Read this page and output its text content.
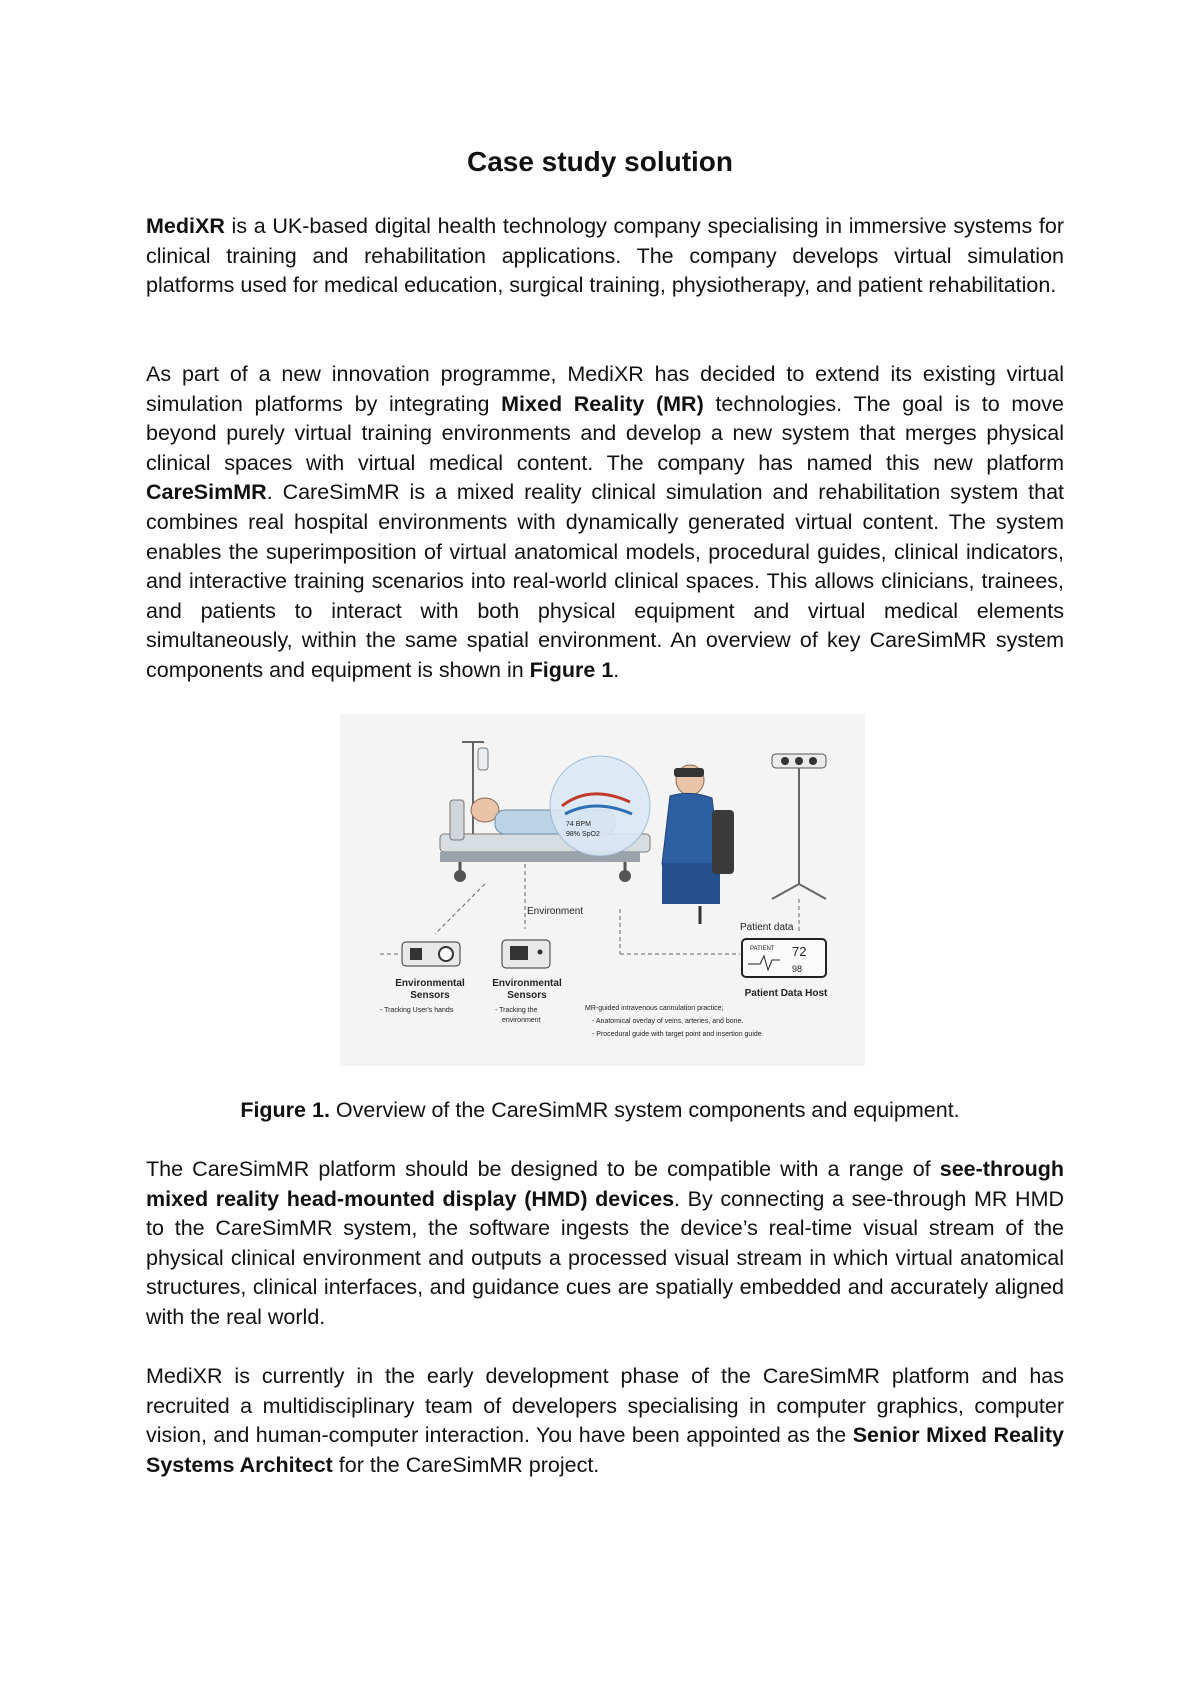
Case study solution

MediXR is a UK-based digital health technology company specialising in immersive systems for clinical training and rehabilitation applications. The company develops virtual simulation platforms used for medical education, surgical training, physiotherapy, and patient rehabilitation.

As part of a new innovation programme, MediXR has decided to extend its existing virtual simulation platforms by integrating Mixed Reality (MR) technologies. The goal is to move beyond purely virtual training environments and develop a new system that merges physical clinical spaces with virtual medical content. The company has named this new platform CareSimMR. CareSimMR is a mixed reality clinical simulation and rehabilitation system that combines real hospital environments with dynamically generated virtual content. The system enables the superimposition of virtual anatomical models, procedural guides, clinical indicators, and interactive training scenarios into real-world clinical spaces. This allows clinicians, trainees, and patients to interact with both physical equipment and virtual medical elements simultaneously, within the same spatial environment. An overview of key CareSimMR system components and equipment is shown in Figure 1.

74 BPM
98% SpO2
Environment
Patient data
Environmental
Sensors
- Tracking User's hands
Environmental
Sensors
- Tracking the
environment
PATIENT 72
98
Patient Data Host
MR-guided intravenous cannulation practice;
- Anatomical overlay of veins, arteries, and bone.
- Procedural guide with target point and insertion guide
Figure 1. Overview of the CareSimMR system components and equipment.

The CareSimMR platform should be designed to be compatible with a range of see-through mixed reality head-mounted display (HMD) devices. By connecting a see-through MR HMD to the CareSimMR system, the software ingests the device’s real-time visual stream of the physical clinical environment and outputs a processed visual stream in which virtual anatomical structures, clinical interfaces, and guidance cues are spatially embedded and accurately aligned with the real world.

MediXR is currently in the early development phase of the CareSimMR platform and has recruited a multidisciplinary team of developers specialising in computer graphics, computer vision, and human-computer interaction. You have been appointed as the Senior Mixed Reality Systems Architect for the CareSimMR project.
